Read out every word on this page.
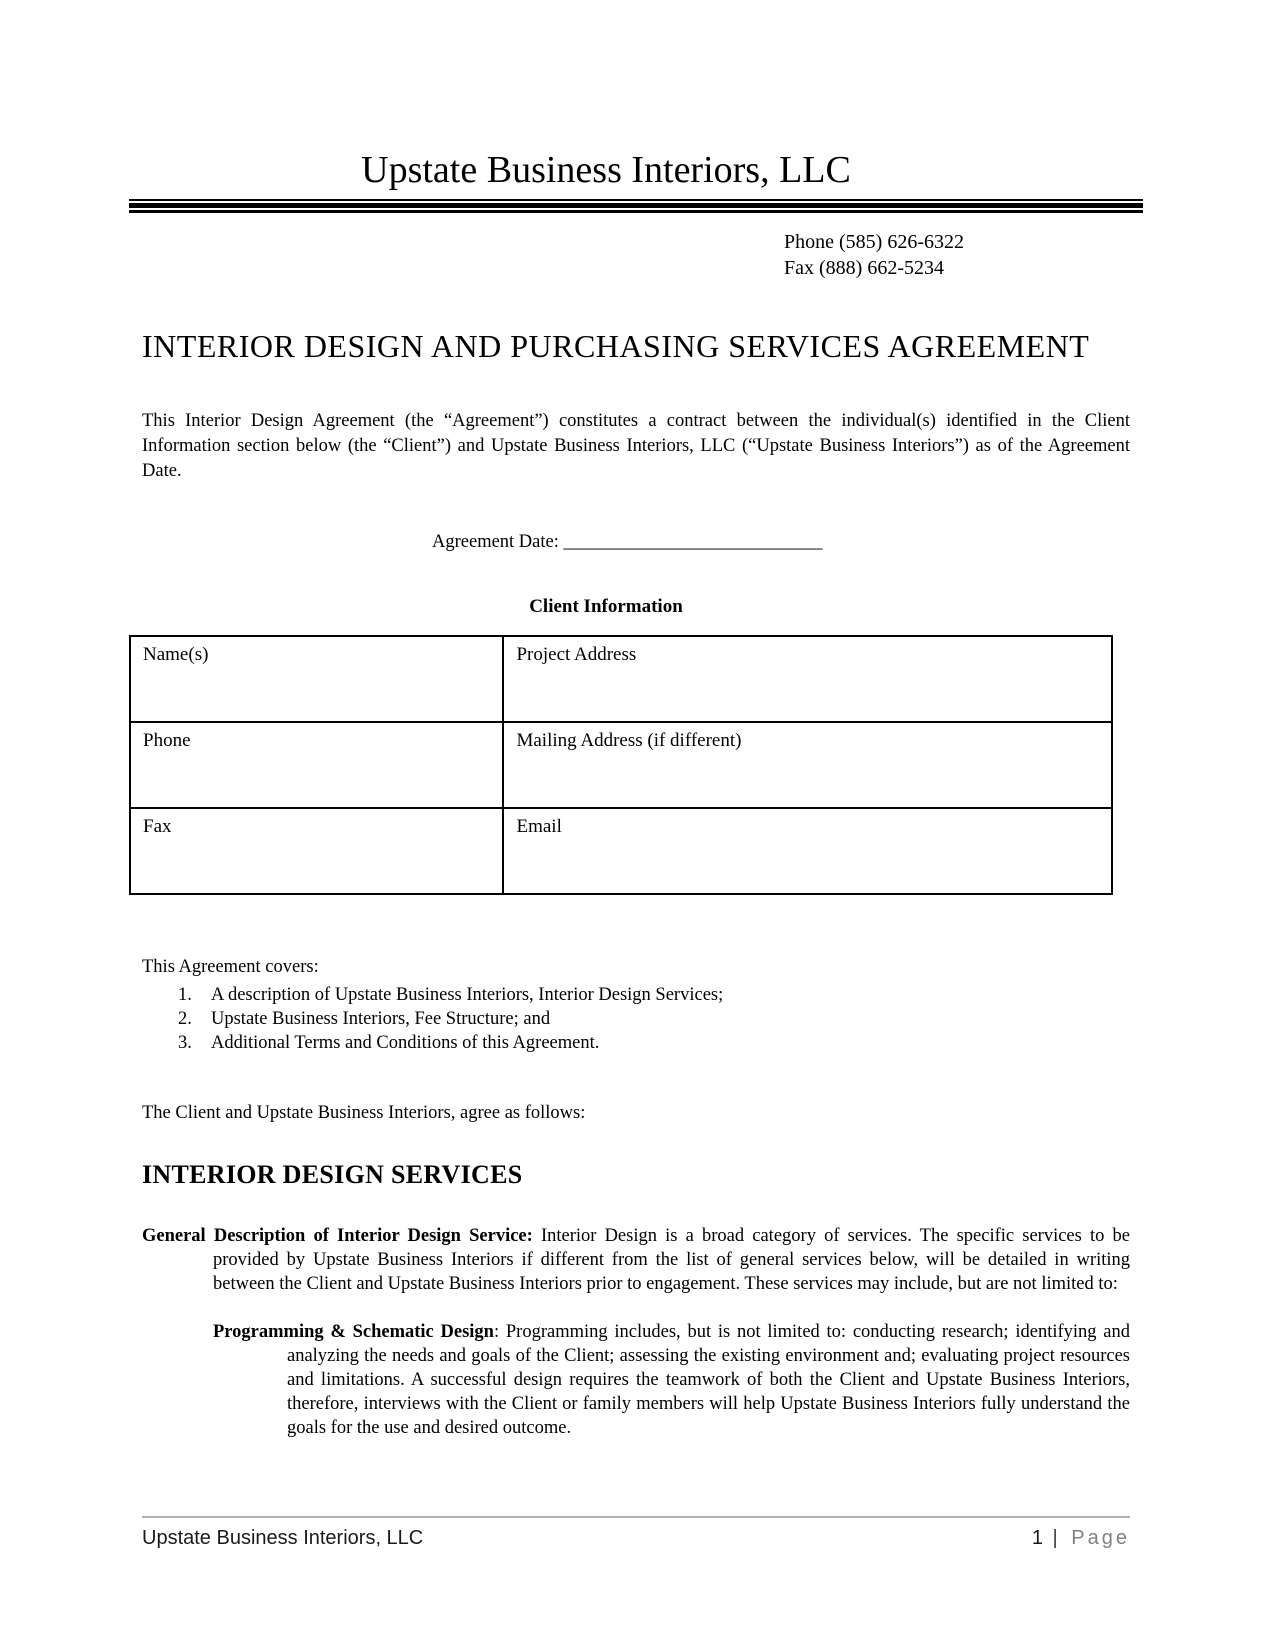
Upstate Business Interiors, LLC
Phone (585) 626-6322
Fax (888) 662-5234
INTERIOR DESIGN AND PURCHASING SERVICES AGREEMENT

This Interior Design Agreement (the “Agreement”) constitutes a contract between the individual(s) identified in the Client Information section below (the “Client”) and Upstate Business Interiors, LLC (“Upstate Business Interiors”) as of the Agreement Date.

Agreement Date: ____________________________
Client Information
Name(s)	Project Address
Phone	Mailing Address (if different)
Fax	Email
This Agreement covers:
1.	A description of Upstate Business Interiors, Interior Design Services;
2.	Upstate Business Interiors, Fee Structure; and
3.	Additional Terms and Conditions of this Agreement.
The Client and Upstate Business Interiors, agree as follows:
INTERIOR DESIGN SERVICES

General Description of Interior Design Service: Interior Design is a broad category of services. The specific services to be provided by Upstate Business Interiors if different from the list of general services below, will be detailed in writing between the Client and Upstate Business Interiors prior to engagement. These services may include, but are not limited to:

Programming & Schematic Design: Programming includes, but is not limited to: conducting research; identifying and analyzing the needs and goals of the Client; assessing the existing environment and; evaluating project resources and limitations. A successful design requires the teamwork of both the Client and Upstate Business Interiors, therefore, interviews with the Client or family members will help Upstate Business Interiors fully understand the goals for the use and desired outcome.

Upstate Business Interiors, LLC	1 | Page
